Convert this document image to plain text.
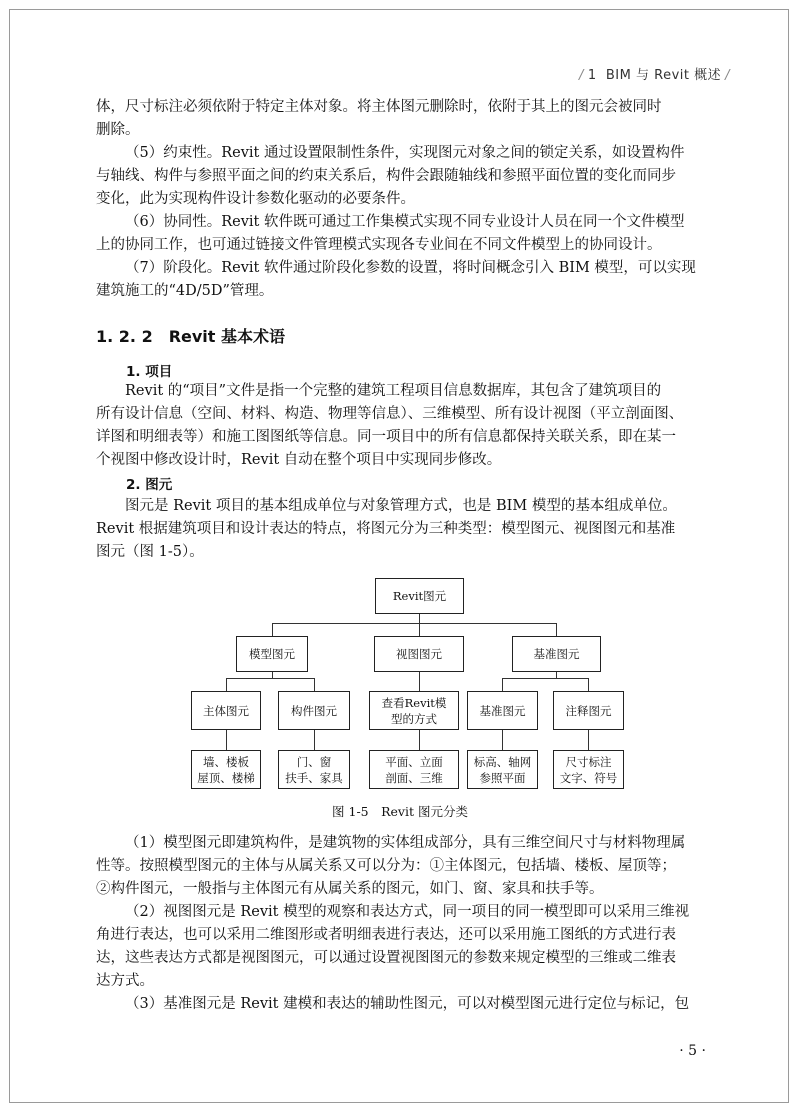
/ 1 BIM 与 Revit 概述 /
体，尺寸标注必须依附于特定主体对象。将主体图元删除时，依附于其上的图元会被同时
删除。
（5）约束性。Revit 通过设置限制性条件，实现图元对象之间的锁定关系，如设置构件
与轴线、构件与参照平面之间的约束关系后，构件会跟随轴线和参照平面位置的变化而同步
变化，此为实现构件设计参数化驱动的必要条件。
（6）协同性。Revit 软件既可通过工作集模式实现不同专业设计人员在同一个文件模型
上的协同工作，也可通过链接文件管理模式实现各专业间在不同文件模型上的协同设计。
（7）阶段化。Revit 软件通过阶段化参数的设置，将时间概念引入 BIM 模型，可以实现
建筑施工的“4D/5D”管理。
1. 2. 2　Revit 基本术语
1. 项目
Revit 的“项目”文件是指一个完整的建筑工程项目信息数据库，其包含了建筑项目的
所有设计信息（空间、材料、构造、物理等信息）、三维模型、所有设计视图（平立剖面图、
详图和明细表等）和施工图图纸等信息。同一项目中的所有信息都保持关联关系，即在某一
个视图中修改设计时，Revit 自动在整个项目中实现同步修改。
2. 图元
图元是 Revit 项目的基本组成单位与对象管理方式，也是 BIM 模型的基本组成单位。
Revit 根据建筑项目和设计表达的特点，将图元分为三种类型：模型图元、视图图元和基准
图元（图 1-5）。
Revit图元
模型图元	视图图元	基准图元
主体图元	构件图元
查看Revit模
型的方式
基准图元	注释图元
墙、楼板
屋顶、楼梯
门、窗
扶手、家具
平面、立面
剖面、三维
标高、轴网
参照平面
尺寸标注
文字、符号
图 1-5　Revit 图元分类
（1）模型图元即建筑构件，是建筑物的实体组成部分，具有三维空间尺寸与材料物理属
性等。按照模型图元的主体与从属关系又可以分为：①主体图元，包括墙、楼板、屋顶等；
②构件图元，一般指与主体图元有从属关系的图元，如门、窗、家具和扶手等。
（2）视图图元是 Revit 模型的观察和表达方式，同一项目的同一模型即可以采用三维视
角进行表达，也可以采用二维图形或者明细表进行表达，还可以采用施工图纸的方式进行表
达，这些表达方式都是视图图元，可以通过设置视图图元的参数来规定模型的三维或二维表
达方式。
（3）基准图元是 Revit 建模和表达的辅助性图元，可以对模型图元进行定位与标记，包
· 5 ·
